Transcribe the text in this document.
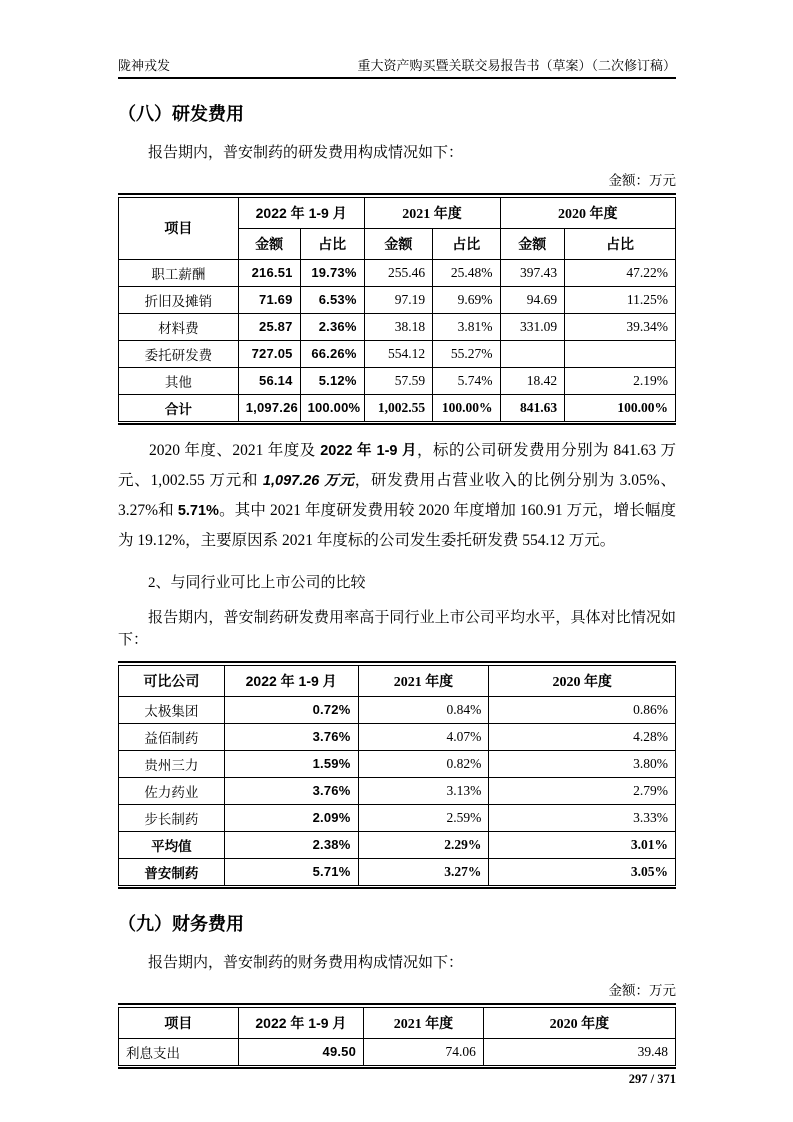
陇神戎发	重大资产购买暨关联交易报告书（草案）（二次修订稿）
（八）研发费用

报告期内，普安制药的研发费用构成情况如下：

金额：万元
项目	2022 年 1-9 月		2021 年度		2020 年度	
	金额	占比	金额	占比	金额	占比
职工薪酬	216.51	19.73%	255.46	25.48%	397.43	47.22%
折旧及摊销	71.69	6.53%	97.19	9.69%	94.69	11.25%
材料费	25.87	2.36%	38.18	3.81%	331.09	39.34%
委托研发费	727.05	66.26%	554.12	55.27%		
其他	56.14	5.12%	57.59	5.74%	18.42	2.19%
合计	1,097.26	100.00%	1,002.55	100.00%	841.63	100.00%

2020 年度、2021 年度及 2022 年 1-9 月，标的公司研发费用分别为 841.63 万元、1,002.55 万元和 1,097.26 万元，研发费用占营业收入的比例分别为 3.05%、3.27%和 5.71%。其中 2021 年度研发费用较 2020 年度增加 160.91 万元，增长幅度为 19.12%，主要原因系 2021 年度标的公司发生委托研发费 554.12 万元。

2、与同行业可比上市公司的比较

报告期内，普安制药研发费用率高于同行业上市公司平均水平，具体对比情况如下：

可比公司	2022 年 1-9 月	2021 年度	2020 年度
太极集团	0.72%	0.84%	0.86%
益佰制药	3.76%	4.07%	4.28%
贵州三力	1.59%	0.82%	3.80%
佐力药业	3.76%	3.13%	2.79%
步长制药	2.09%	2.59%	3.33%
平均值	2.38%	2.29%	3.01%
普安制药	5.71%	3.27%	3.05%
（九）财务费用

报告期内，普安制药的财务费用构成情况如下：

金额：万元
项目	2022 年 1-9 月	2021 年度	2020 年度
利息支出	49.50	74.06	39.48
297 / 371
